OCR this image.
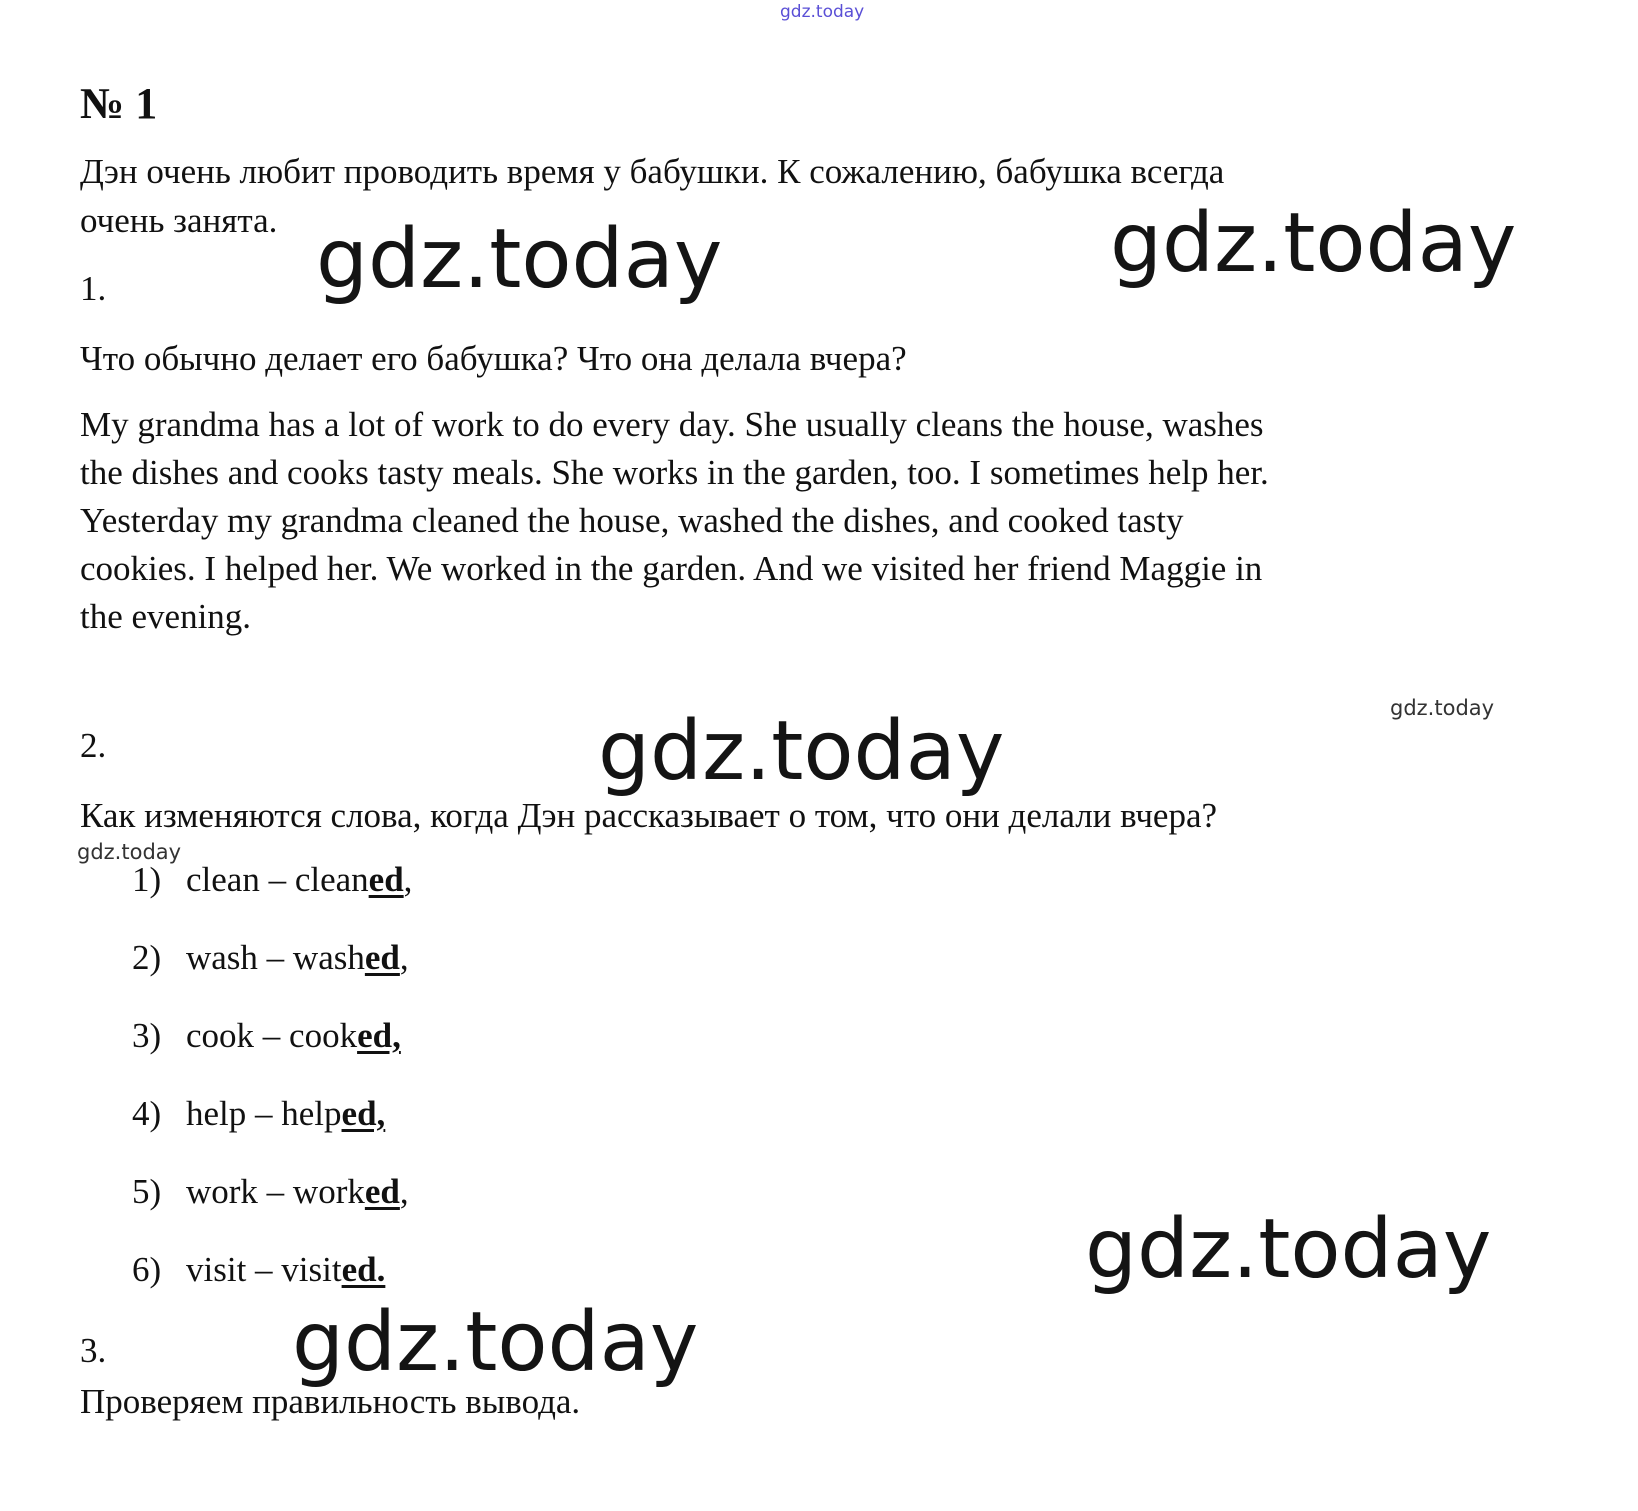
gdz.today
№ 1
Дэн очень любит проводить время у бабушки. К сожалению, бабушка всегда
очень занята.
1.
Что обычно делает его бабушка? Что она делала вчера?
My grandma has a lot of work to do every day. She usually cleans the house, washes
the dishes and cooks tasty meals. She works in the garden, too. I sometimes help her.
Yesterday my grandma cleaned the house, washed the dishes, and cooked tasty
cookies. I helped her. We worked in the garden. And we visited her friend Maggie in
the evening.
gdz.today
2.
Как изменяются слова, когда Дэн рассказывает о том, что они делали вчера?
gdz.today
1) clean – cleaned,
2) wash – washed,
3) cook – cooked,
4) help – helped,
5) work – worked,
6) visit – visited.
3.
Проверяем правильность вывода.
gdz.today	gdz.today
gdz.today
gdz.today
gdz.today
